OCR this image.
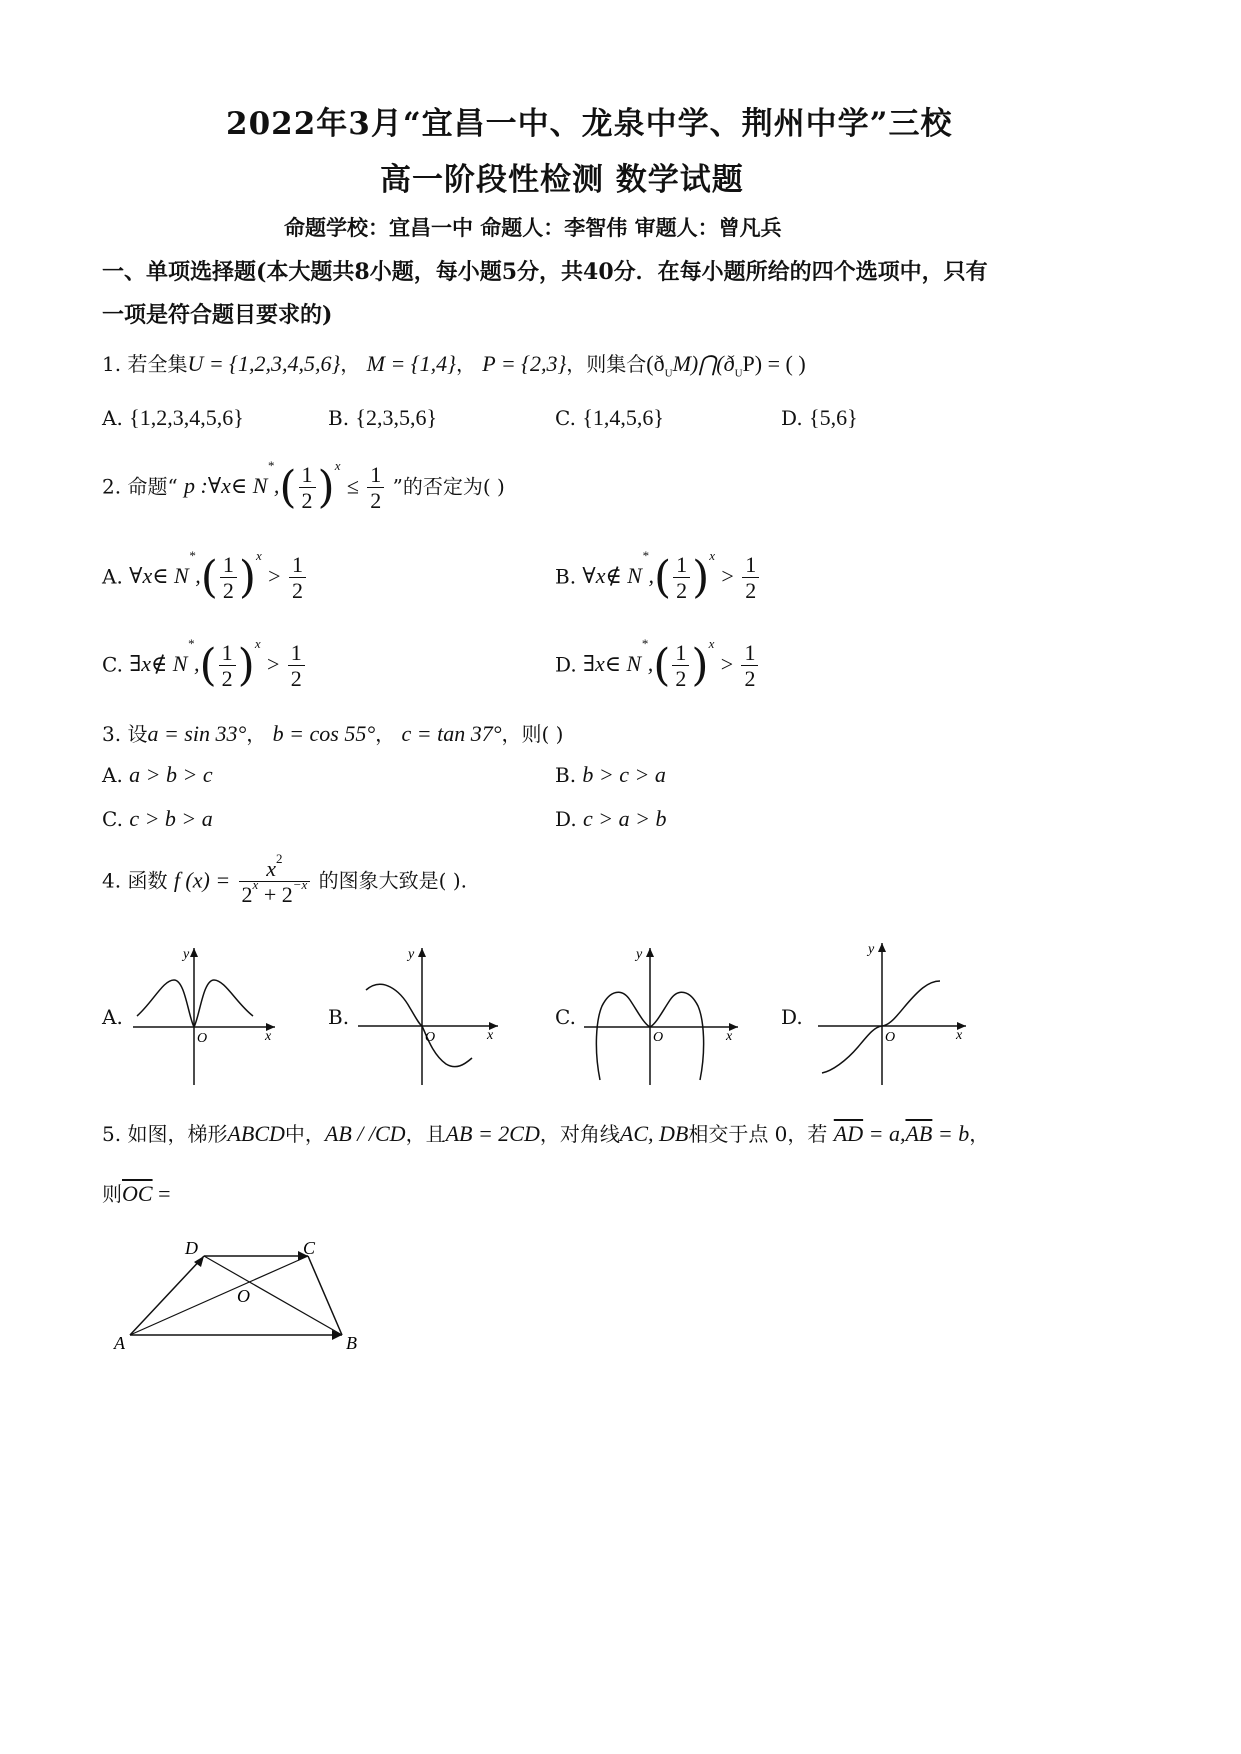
2022年3月“宜昌一中、龙泉中学、荆州中学”三校
高一阶段性检测 数学试题
命题学校：宜昌一中 命题人：李智伟 审题人：曾凡兵
一、单项选择题(本大题共8小题，每小题5分，共40分．在每小题所给的四个选项中，只有
一项是符合题目要求的)
1. 若全集U = {1,2,3,4,5,6}， M = {1,4}， P = {2,3}，则集合$(ð_UM)⋂(ð_UP)$ = ( )
A. {1,2,3,4,5,6}	B. {2,3,5,6}	C. {1,4,5,6}	D. {5,6}
2. 命题“ p :∀x∈ $N^*,( \frac{1}{2} )^x \le \frac{1}{2}$ ”的否定为( )
A. ∀x∈ $N^*,( \frac{1}{2} )^x > \frac{1}{2}$	B. ∀x∉ $N^*,( \frac{1}{2} )^x > \frac{1}{2}$
C. ∃x∉ $N^*,( \frac{1}{2} )^x > \frac{1}{2}$	D. ∃x∈ $N^*,( \frac{1}{2} )^x > \frac{1}{2}$
3. 设a = sin 33°， b = cos 55°， c = tan 37°，则( )
A. a > b > c	B. b > c > a
C. c > b > a	D. c > a > b
4. 函数 f $(x) = \frac{x^2}{2^x + 2^{-x}}$ 的图象大致是( ).
A.	B.	C.	D.
y
x
O
y
x
O
y
x
O
y
x
O
5. 如图，梯形ABCD中，AB / /CD，且AB = 2CD，对角线AC, DB相交于点 0，若 $\overline{AD} = a,\overline{AB} = b$，
则$\overline{OC}$ =
D	C
O
A	B
